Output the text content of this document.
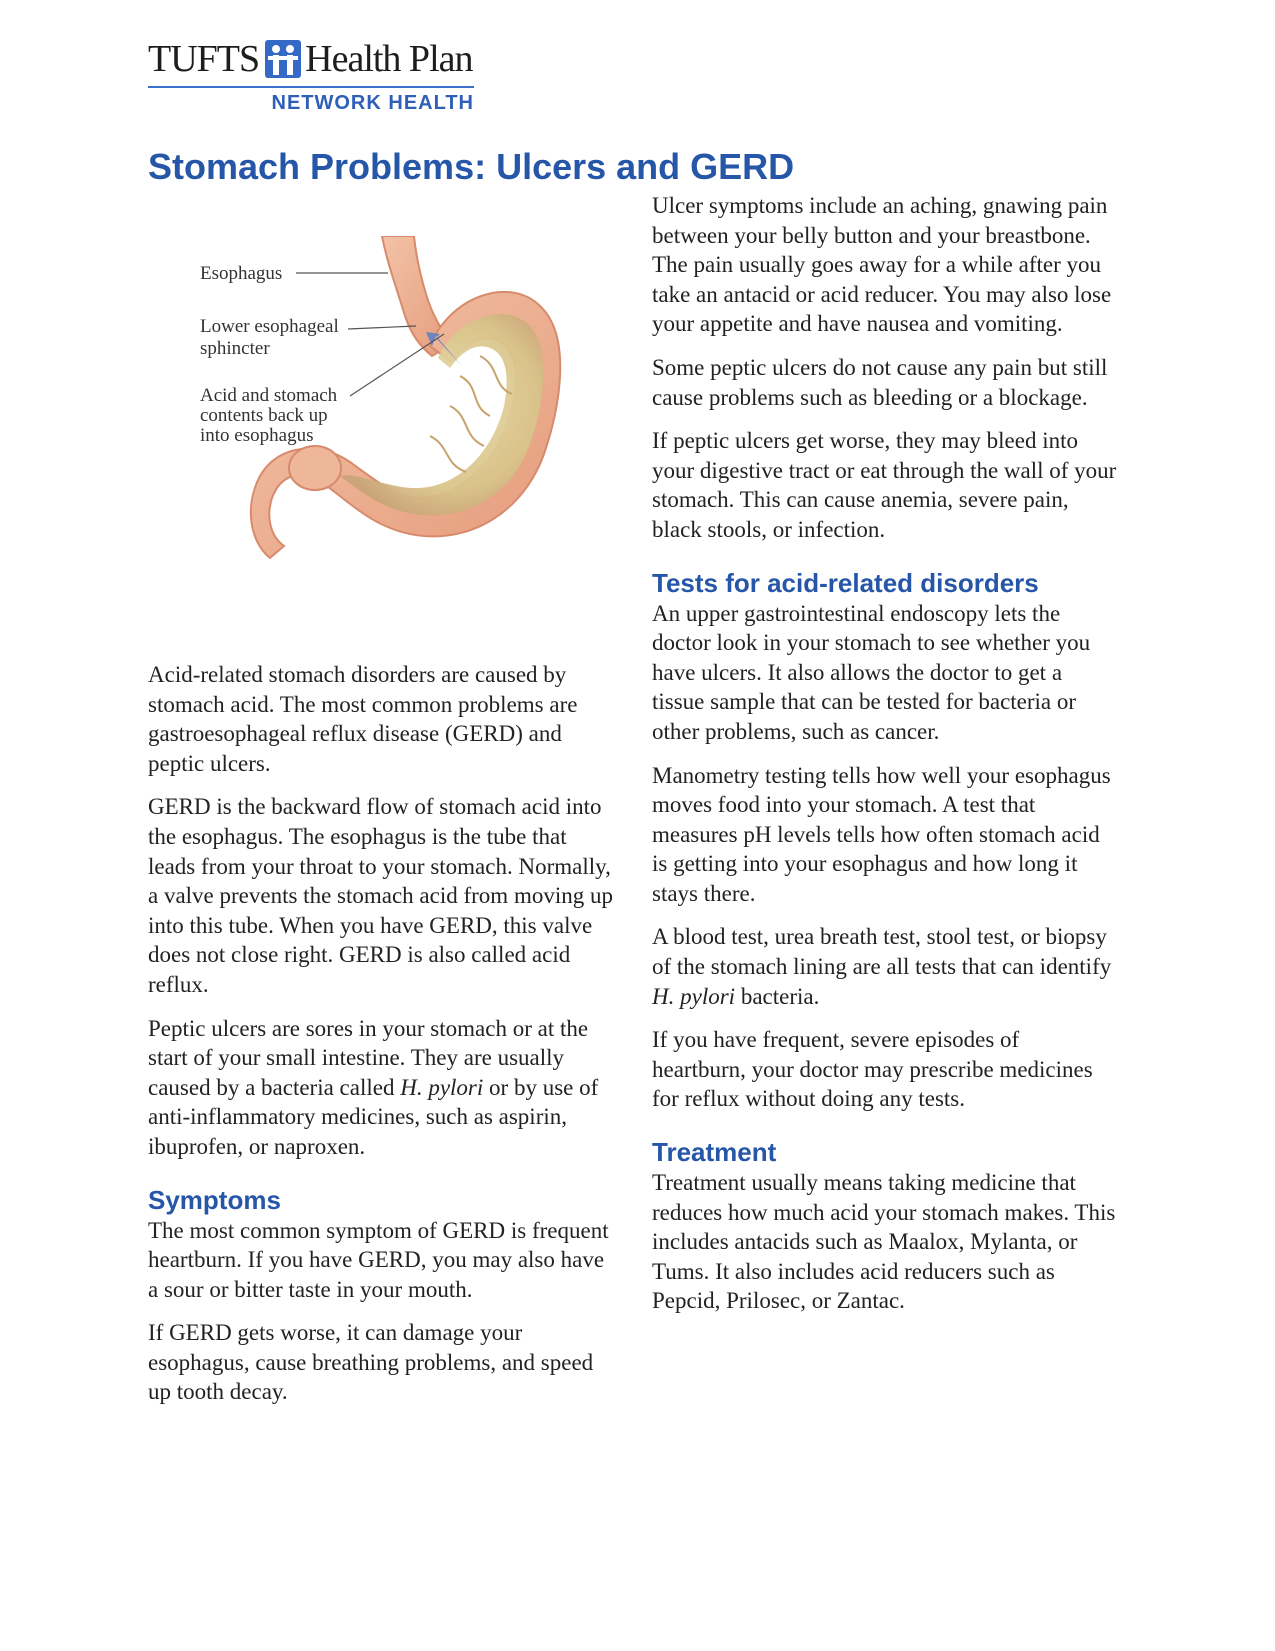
TUFTS Health Plan
NETWORK HEALTH
Stomach Problems: Ulcers and GERD
Esophagus
Lower esophageal
sphincter
Acid and stomach
contents back up
into esophagus

Acid-related stomach disorders are caused by stomach acid. The most common problems are gastroesophageal reflux disease (GERD) and peptic ulcers.

GERD is the backward flow of stomach acid into the esophagus. The esophagus is the tube that leads from your throat to your stomach. Normally, a valve prevents the stomach acid from moving up into this tube. When you have GERD, this valve does not close right. GERD is also called acid reflux.

Peptic ulcers are sores in your stomach or at the start of your small intestine. They are usually caused by a bacteria called H. pylori or by use of anti-inflammatory medicines, such as aspirin, ibuprofen, or naproxen.

Symptoms

The most common symptom of GERD is frequent heartburn. If you have GERD, you may also have a sour or bitter taste in your mouth.

If GERD gets worse, it can damage your esophagus, cause breathing problems, and speed up tooth decay.

Ulcer symptoms include an aching, gnawing pain between your belly button and your breastbone. The pain usually goes away for a while after you take an antacid or acid reducer. You may also lose your appetite and have nausea and vomiting.

Some peptic ulcers do not cause any pain but still cause problems such as bleeding or a blockage.

If peptic ulcers get worse, they may bleed into your digestive tract or eat through the wall of your stomach. This can cause anemia, severe pain, black stools, or infection.

Tests for acid-related disorders

An upper gastrointestinal endoscopy lets the doctor look in your stomach to see whether you have ulcers. It also allows the doctor to get a tissue sample that can be tested for bacteria or other problems, such as cancer.

Manometry testing tells how well your esophagus moves food into your stomach. A test that measures pH levels tells how often stomach acid is getting into your esophagus and how long it stays there.

A blood test, urea breath test, stool test, or biopsy of the stomach lining are all tests that can identify H. pylori bacteria.

If you have frequent, severe episodes of heartburn, your doctor may prescribe medicines for reflux without doing any tests.

Treatment

Treatment usually means taking medicine that reduces how much acid your stomach makes. This includes antacids such as Maalox, Mylanta, or Tums. It also includes acid reducers such as Pepcid, Prilosec, or Zantac.
